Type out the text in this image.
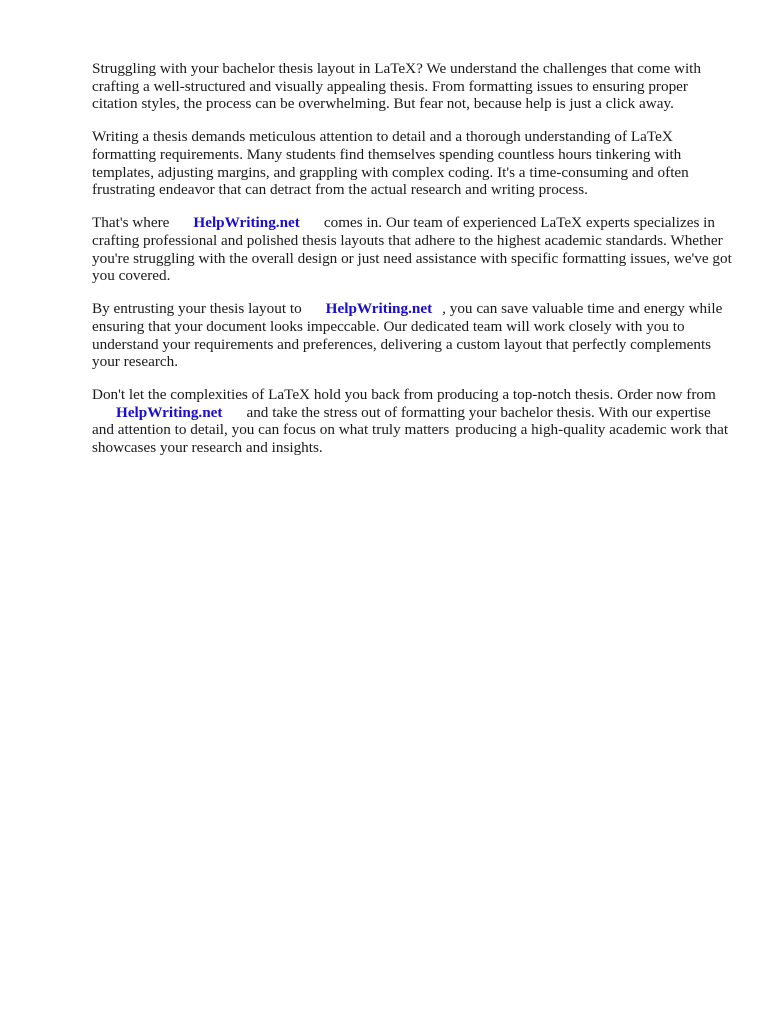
Struggling with your bachelor thesis layout in LaTeX? We understand the challenges that come with crafting a well-structured and visually appealing thesis. From formatting issues to ensuring proper citation styles, the process can be overwhelming. But fear not, because help is just a click away.

Writing a thesis demands meticulous attention to detail and a thorough understanding of LaTeX formatting requirements. Many students find themselves spending countless hours tinkering with templates, adjusting margins, and grappling with complex coding. It's a time-consuming and often frustrating endeavor that can detract from the actual research and writing process.

That's where HelpWriting.net comes in. Our team of experienced LaTeX experts specializes in crafting professional and polished thesis layouts that adhere to the highest academic standards. Whether you're struggling with the overall design or just need assistance with specific formatting issues, we've got you covered.

By entrusting your thesis layout to HelpWriting.net , you can save valuable time and energy while ensuring that your document looks impeccable. Our dedicated team will work closely with you to understand your requirements and preferences, delivering a custom layout that perfectly complements your research.

Don't let the complexities of LaTeX hold you back from producing a top-notch thesis. Order now fromHelpWriting.net and take the stress out of formatting your bachelor thesis. With our expertise and attention to detail, you can focus on what truly matters producing a high-quality academic work that showcases your research and insights.
